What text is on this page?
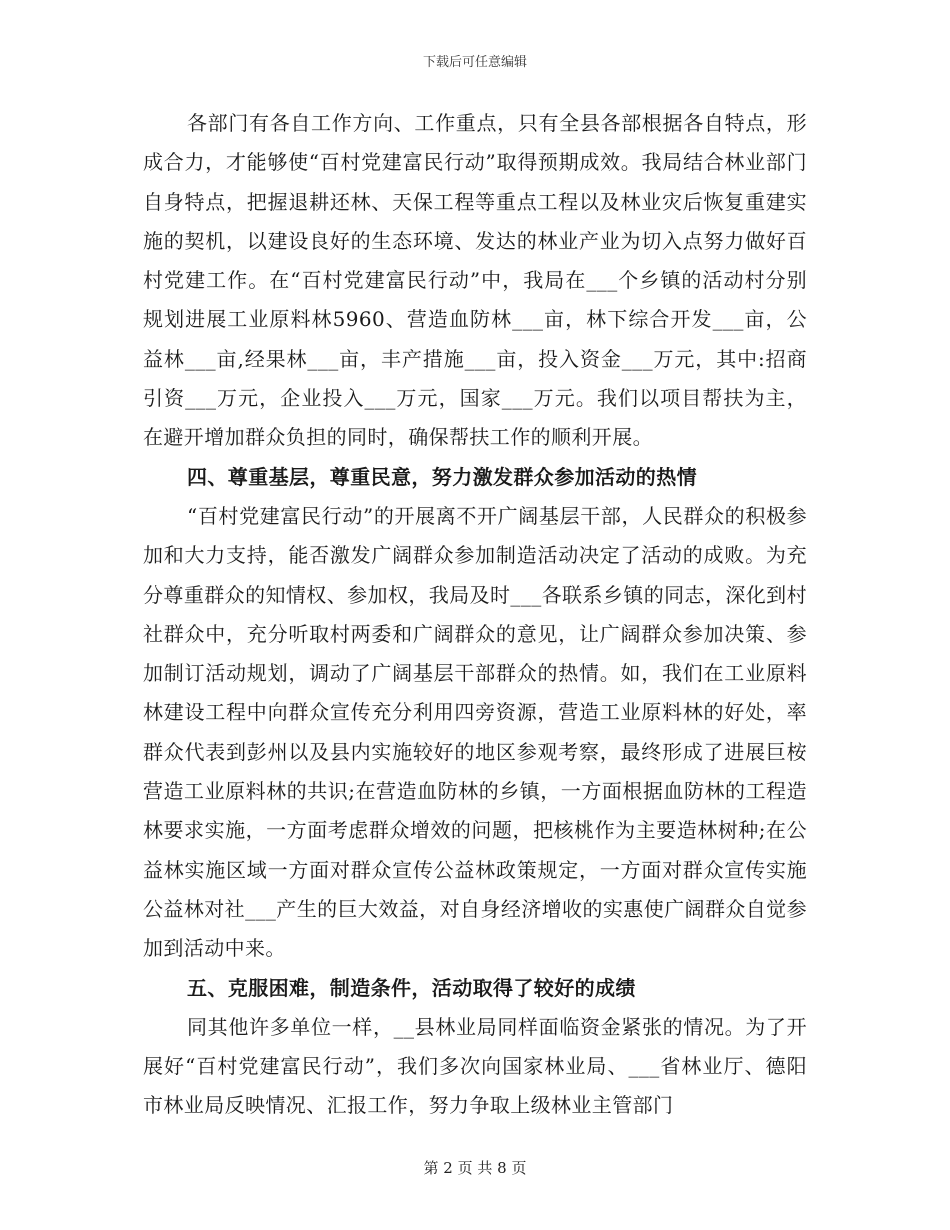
下载后可任意编辑

各部门有各自工作方向、工作重点，只有全县各部根据各自特点，形成合力，才能够使“百村党建富民行动”取得预期成效。我局结合林业部门自身特点，把握退耕还林、天保工程等重点工程以及林业灾后恢复重建实施的契机，以建设良好的生态环境、发达的林业产业为切入点努力做好百村党建工作。在“百村党建富民行动”中，我局在___个乡镇的活动村分别规划进展工业原料林5960、营造血防林___亩，林下综合开发___亩，公益林___亩,经果林___亩，丰产措施___亩，投入资金___万元，其中:招商引资___万元，企业投入___万元，国家___万元。我们以项目帮扶为主，在避开增加群众负担的同时，确保帮扶工作的顺利开展。

四、尊重基层，尊重民意，努力激发群众参加活动的热情

“百村党建富民行动”的开展离不开广阔基层干部，人民群众的积极参加和大力支持，能否激发广阔群众参加制造活动决定了活动的成败。为充分尊重群众的知情权、参加权，我局及时___各联系乡镇的同志，深化到村社群众中，充分听取村两委和广阔群众的意见，让广阔群众参加决策、参加制订活动规划，调动了广阔基层干部群众的热情。如，我们在工业原料林建设工程中向群众宣传充分利用四旁资源，营造工业原料林的好处，率群众代表到彭州以及县内实施较好的地区参观考察，最终形成了进展巨桉营造工业原料林的共识;在营造血防林的乡镇，一方面根据血防林的工程造林要求实施，一方面考虑群众增效的问题，把核桃作为主要造林树种;在公益林实施区域一方面对群众宣传公益林政策规定，一方面对群众宣传实施公益林对社___产生的巨大效益，对自身经济增收的实惠使广阔群众自觉参加到活动中来。

五、克服困难，制造条件，活动取得了较好的成绩

同其他许多单位一样，__县林业局同样面临资金紧张的情况。为了开展好“百村党建富民行动”，我们多次向国家林业局、___省林业厅、德阳市林业局反映情况、汇报工作，努力争取上级林业主管部门

第 2 页 共 8 页
